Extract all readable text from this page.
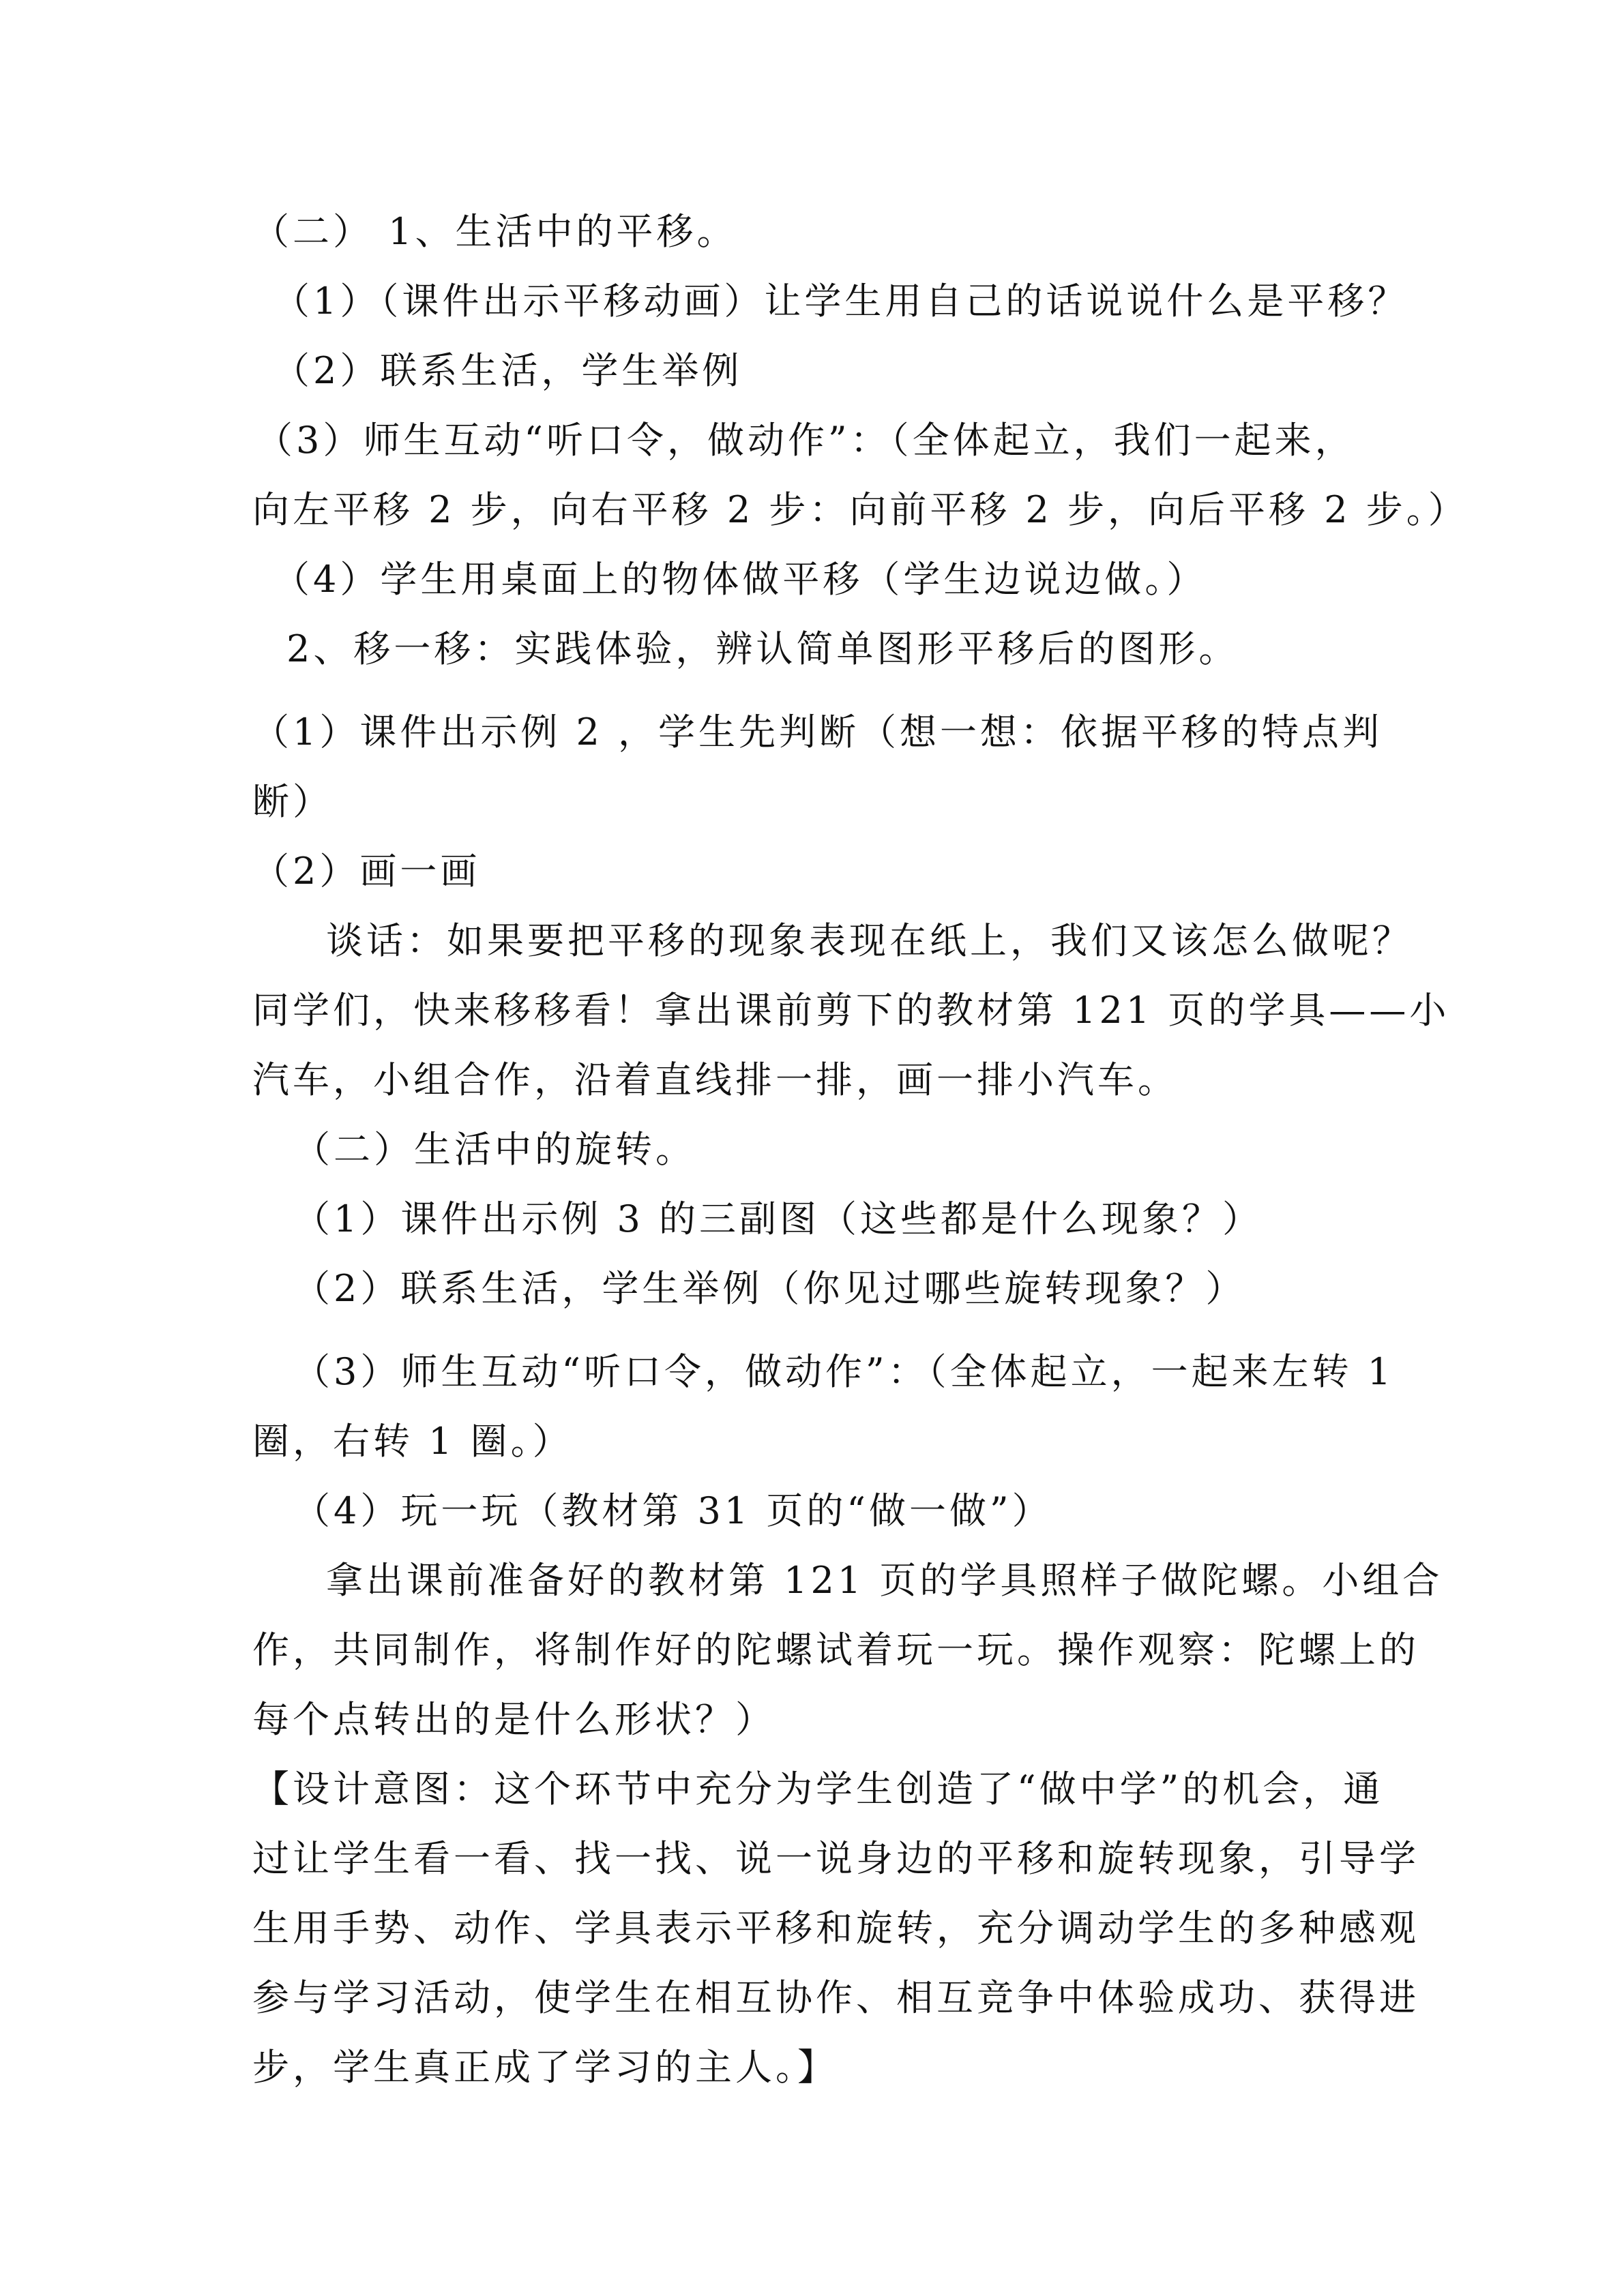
（二） 1、生活中的平移。

（1）（课件出示平移动画）让学生用自己的话说说什么是平移？

（2）联系生活，学生举例

（3）师生互动“听口令，做动作”：（全体起立，我们一起来，

向左平移 2 步，向右平移 2 步：向前平移 2 步，向后平移 2 步。）

（4）学生用桌面上的物体做平移（学生边说边做。）

2、移一移：实践体验，辨认简单图形平移后的图形。

（1）课件出示例 2 ，学生先判断（想一想：依据平移的特点判

断）

（2）画一画

谈话：如果要把平移的现象表现在纸上，我们又该怎么做呢？

同学们，快来移移看！拿出课前剪下的教材第 121 页的学具——小

汽车，小组合作，沿着直线排一排，画一排小汽车。

（二）生活中的旋转。

（1）课件出示例 3 的三副图（这些都是什么现象？）

（2）联系生活，学生举例（你见过哪些旋转现象？）

（3）师生互动“听口令，做动作”：（全体起立，一起来左转 1

圈，右转 1 圈。）

（4）玩一玩（教材第 31 页的“做一做”）

拿出课前准备好的教材第 121 页的学具照样子做陀螺。小组合

作，共同制作，将制作好的陀螺试着玩一玩。操作观察：陀螺上的

每个点转出的是什么形状？）

【设计意图：这个环节中充分为学生创造了“做中学”的机会，通

过让学生看一看、找一找、说一说身边的平移和旋转现象，引导学

生用手势、动作、学具表示平移和旋转，充分调动学生的多种感观

参与学习活动，使学生在相互协作、相互竞争中体验成功、获得进

步，学生真正成了学习的主人。】
